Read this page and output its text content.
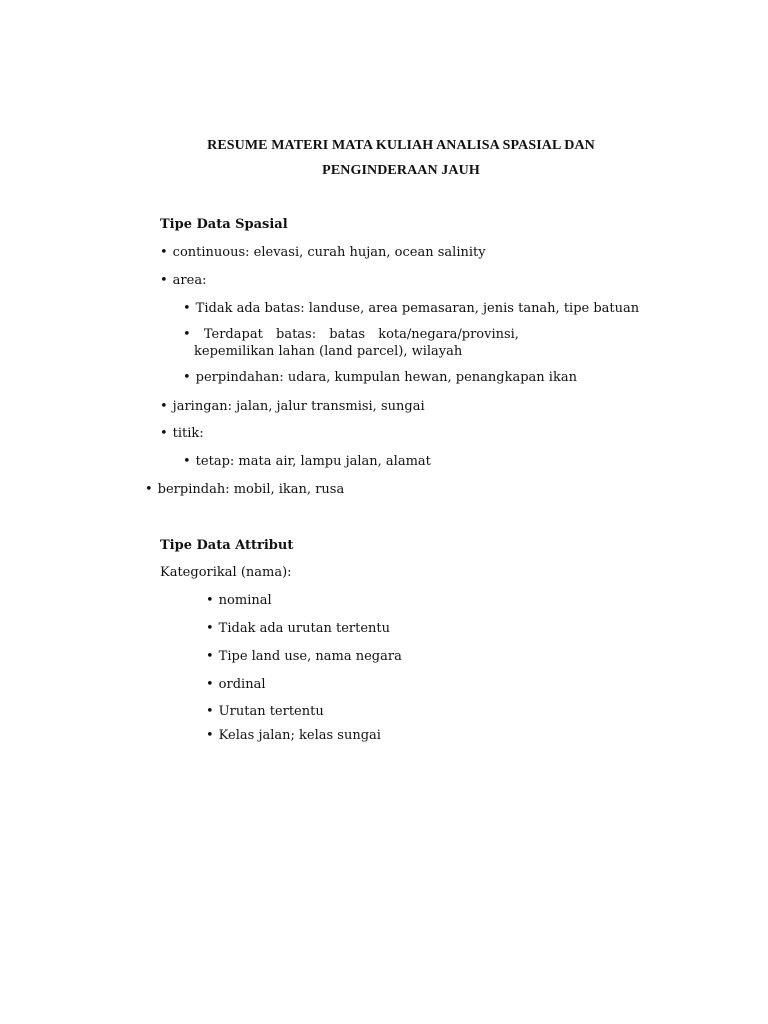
RESUME MATERI MATA KULIAH ANALISA SPASIAL DAN
PENGINDERAAN JAUH
Tipe Data Spasial
• continuous: elevasi, curah hujan, ocean salinity
• area:
• Tidak ada batas: landuse, area pemasaran, jenis tanah, tipe batuan
• Terdapat batas: batas kota/negara/provinsi,
kepemilikan lahan (land parcel), wilayah
• perpindahan: udara, kumpulan hewan, penangkapan ikan
• jaringan: jalan, jalur transmisi, sungai
• titik:
• tetap: mata air, lampu jalan, alamat
• berpindah: mobil, ikan, rusa
Tipe Data Attribut
Kategorikal (nama):
• nominal
• Tidak ada urutan tertentu
• Tipe land use, nama negara
• ordinal
• Urutan tertentu
• Kelas jalan; kelas sungai
